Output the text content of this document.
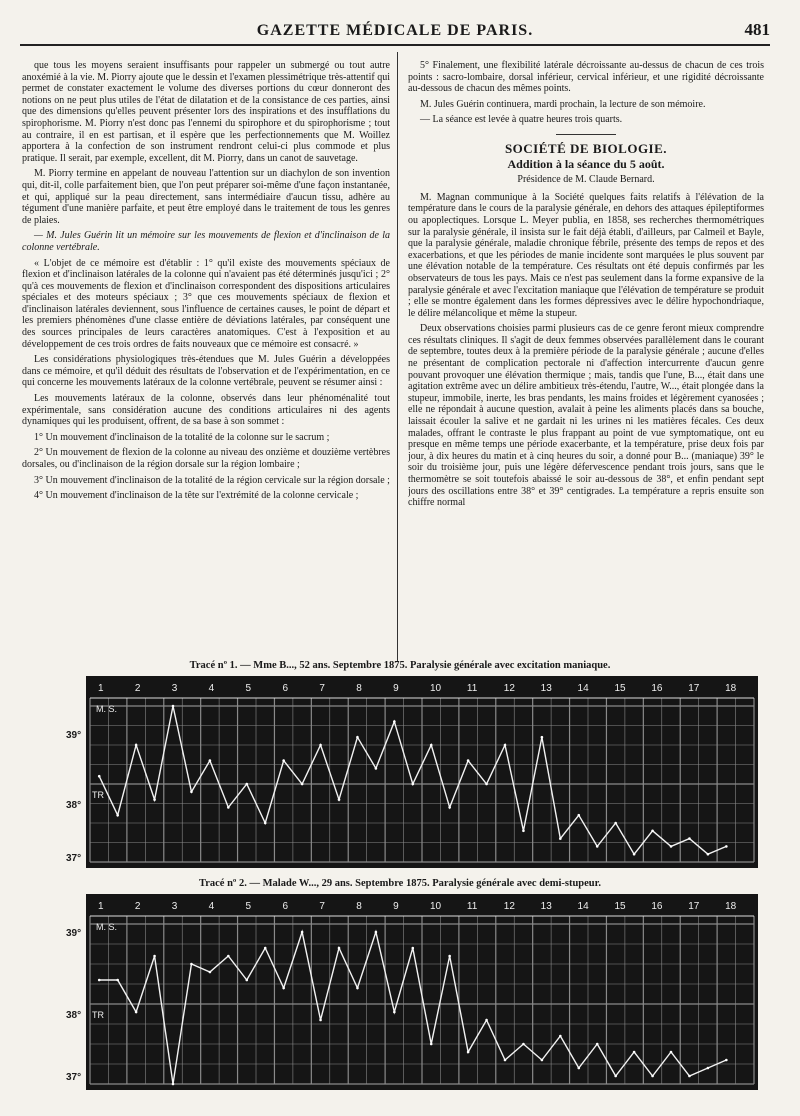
GAZETTE MÉDICALE DE PARIS.	481

que tous les moyens seraient insuffisants pour rappeler un submergé ou tout autre anoxémié à la vie. M. Piorry ajoute que le dessin et l'examen plessimétrique très-attentif qui permet de constater exactement le volume des diverses portions du cœur donneront des notions on ne peut plus utiles de l'état de dilatation et de la consistance de ces parties, ainsi que des dimensions qu'elles peuvent présenter lors des inspirations et des insufflations du spirophorisme. M. Piorry n'est donc pas l'ennemi du spirophore et du spirophorisme ; tout au contraire, il en est partisan, et il espère que les perfectionnements que M. Woillez apportera à la confection de son instrument rendront celui-ci plus commode et plus pratique. Il serait, par exemple, excellent, dit M. Piorry, dans un canot de sauvetage.

M. Piorry termine en appelant de nouveau l'attention sur un diachylon de son invention qui, dit-il, colle parfaitement bien, que l'on peut préparer soi-même d'une façon instantanée, et qui, appliqué sur la peau directement, sans intermédiaire d'aucun tissu, adhère au tégument d'une manière parfaite, et peut être employé dans le traitement de tous les genres de plaies.

— M. Jules Guérin lit un mémoire sur les mouvements de flexion et d'inclinaison de la colonne vertébrale.

« L'objet de ce mémoire est d'établir : 1° qu'il existe des mouvements spéciaux de flexion et d'inclinaison latérales de la colonne qui n'avaient pas été déterminés jusqu'ici ; 2° qu'à ces mouvements de flexion et d'inclinaison correspondent des dispositions articulaires spéciales et des moteurs spéciaux ; 3° que ces mouvements spéciaux de flexion et d'inclinaison latérales deviennent, sous l'influence de certaines causes, le point de départ et les premiers phénomènes d'une classe entière de déviations latérales, par conséquent une des sources principales de leurs caractères anatomiques. C'est à l'exposition et au développement de ces trois ordres de faits nouveaux que ce mémoire est consacré. »

Les considérations physiologiques très-étendues que M. Jules Guérin a développées dans ce mémoire, et qu'il déduit des résultats de l'observation et de l'expérimentation, en ce qui concerne les mouvements latéraux de la colonne vertébrale, peuvent se résumer ainsi :

Les mouvements latéraux de la colonne, observés dans leur phénoménalité tout expérimentale, sans considération aucune des conditions articulaires ni des agents dynamiques qui les produisent, offrent, de sa base à son sommet :

1° Un mouvement d'inclinaison de la totalité de la colonne sur le sacrum ;

2° Un mouvement de flexion de la colonne au niveau des onzième et douzième vertèbres dorsales, ou d'inclinaison de la région dorsale sur la région lombaire ;

3° Un mouvement d'inclinaison de la totalité de la région cervicale sur la région dorsale ;

4° Un mouvement d'inclinaison de la tête sur l'extrémité de la colonne cervicale ;

5° Finalement, une flexibilité latérale décroissante au-dessus de chacun de ces trois points : sacro-lombaire, dorsal inférieur, cervical inférieur, et une rigidité décroissante au-dessous de chacun des mêmes points.

M. Jules Guérin continuera, mardi prochain, la lecture de son mémoire.

— La séance est levée à quatre heures trois quarts.

SOCIÉTÉ DE BIOLOGIE.
Addition à la séance du 5 août.
Présidence de M. Claude Bernard.

M. Magnan communique à la Société quelques faits relatifs à l'élévation de la température dans le cours de la paralysie générale, en dehors des attaques épileptiformes ou apoplectiques. Lorsque L. Meyer publia, en 1858, ses recherches thermométriques sur la paralysie générale, il insista sur le fait déjà établi, d'ailleurs, par Calmeil et Bayle, que la paralysie générale, maladie chronique fébrile, présente des temps de repos et des exacerbations, et que les périodes de manie incidente sont marquées le plus souvent par une élévation notable de la température. Ces résultats ont été depuis confirmés par les observateurs de tous les pays. Mais ce n'est pas seulement dans la forme expansive de la paralysie générale et avec l'excitation maniaque que l'élévation de température se produit ; elle se montre également dans les formes dépressives avec le délire hypochondriaque, le délire mélancolique et même la stupeur.

Deux observations choisies parmi plusieurs cas de ce genre feront mieux comprendre ces résultats cliniques. Il s'agit de deux femmes observées parallèlement dans le courant de septembre, toutes deux à la première période de la paralysie générale ; aucune d'elles ne présentant de complication pectorale ni d'affection intercurrente d'aucun genre pouvant provoquer une élévation thermique ; mais, tandis que l'une, B..., était dans une agitation extrême avec un délire ambitieux très-étendu, l'autre, W..., était plongée dans la stupeur, immobile, inerte, les bras pendants, les mains froides et légèrement cyanosées ; elle ne répondait à aucune question, avalait à peine les aliments placés dans sa bouche, laissait écouler la salive et ne gardait ni les urines ni les matières fécales. Ces deux malades, offrant le contraste le plus frappant au point de vue symptomatique, ont eu presque en même temps une période exacerbante, et la température, prise deux fois par jour, à dix heures du matin et à cinq heures du soir, a donné pour B... (maniaque) 39° le soir du troisième jour, puis une légère défervescence pendant trois jours, sans que le thermomètre se soit toutefois abaissé le soir au-dessous de 38°, et enfin pendant sept jours des oscillations entre 38° et 39° centigrades. La température a repris ensuite son chiffre normal

Tracé nº 1. — Mme B..., 52 ans. Septembre 1875. Paralysie générale avec excitation maniaque.
39°
38°
37°
1	2	3	4	5	6	7	8	9	10	11	12	13	14	15	16	17	18
M. S.
TR
Tracé nº 2. — Malade W..., 29 ans. Septembre 1875. Paralysie générale avec demi-stupeur.
39°
38°
37°
1	2	3	4	5	6	7	8	9	10	11	12	13	14	15	16	17	18
M. S.
TR
